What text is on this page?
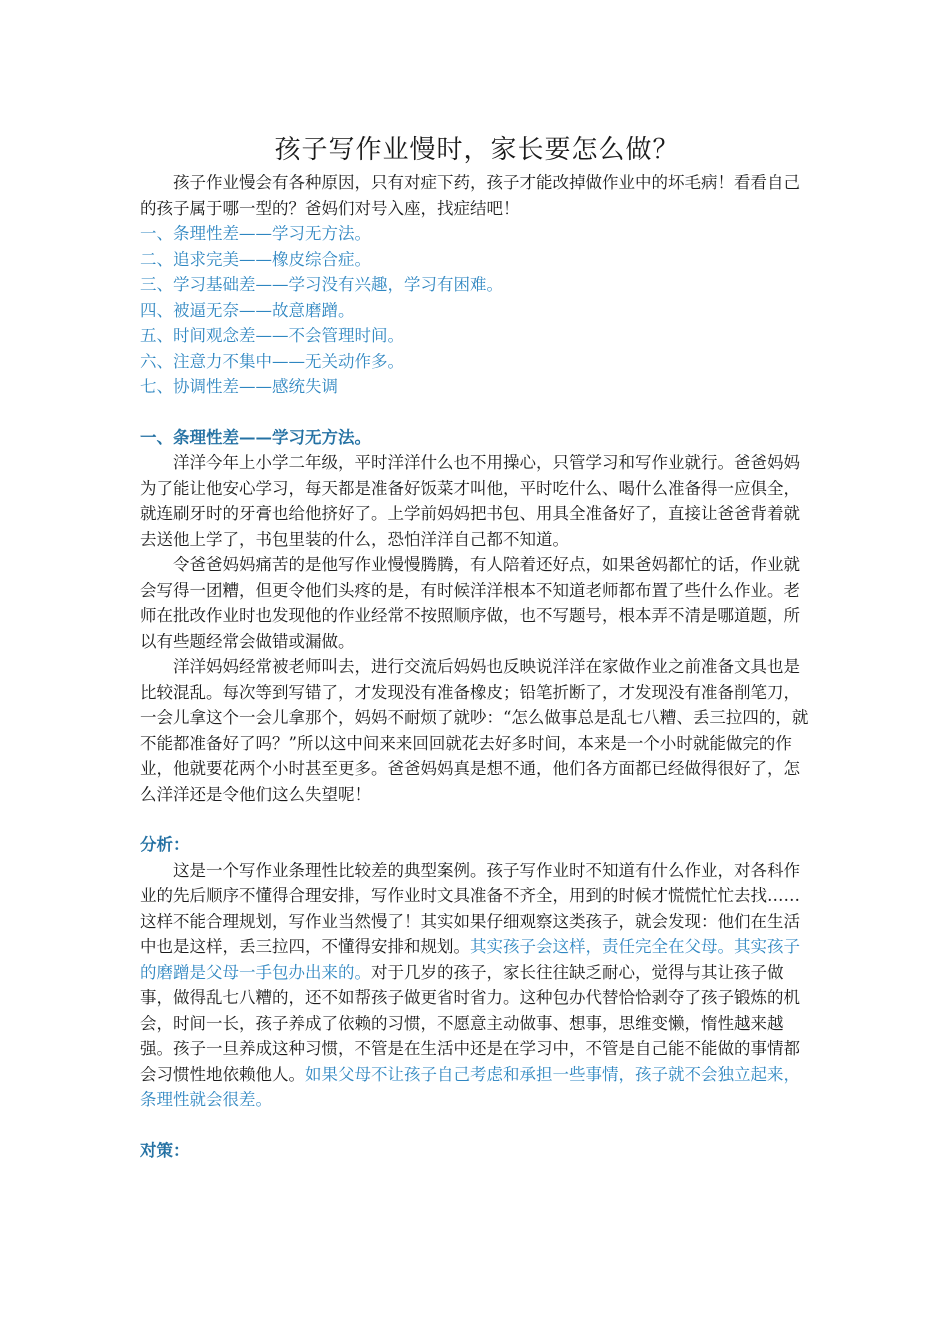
孩子写作业慢时，家长要怎么做？

孩子作业慢会有各种原因，只有对症下药，孩子才能改掉做作业中的坏毛病！看看自己的孩子属于哪一型的？爸妈们对号入座，找症结吧！

一、条理性差——学习无方法。

二、追求完美——橡皮综合症。

三、学习基础差——学习没有兴趣，学习有困难。

四、被逼无奈——故意磨蹭。

五、时间观念差——不会管理时间。

六、注意力不集中——无关动作多。

七、协调性差——感统失调

一、条理性差——学习无方法。

洋洋今年上小学二年级，平时洋洋什么也不用操心，只管学习和写作业就行。爸爸妈妈为了能让他安心学习，每天都是准备好饭菜才叫他，平时吃什么、喝什么准备得一应俱全，就连刷牙时的牙膏也给他挤好了。上学前妈妈把书包、用具全准备好了，直接让爸爸背着就去送他上学了，书包里装的什么，恐怕洋洋自己都不知道。

令爸爸妈妈痛苦的是他写作业慢慢腾腾，有人陪着还好点，如果爸妈都忙的话，作业就会写得一团糟，但更令他们头疼的是，有时候洋洋根本不知道老师都布置了些什么作业。老师在批改作业时也发现他的作业经常不按照顺序做，也不写题号，根本弄不清是哪道题，所以有些题经常会做错或漏做。

洋洋妈妈经常被老师叫去，进行交流后妈妈也反映说洋洋在家做作业之前准备文具也是比较混乱。每次等到写错了，才发现没有准备橡皮；铅笔折断了，才发现没有准备削笔刀，一会儿拿这个一会儿拿那个，妈妈不耐烦了就吵：“怎么做事总是乱七八糟、丢三拉四的，就不能都准备好了吗？”所以这中间来来回回就花去好多时间，本来是一个小时就能做完的作业，他就要花两个小时甚至更多。爸爸妈妈真是想不通，他们各方面都已经做得很好了，怎么洋洋还是令他们这么失望呢！

分析：

这是一个写作业条理性比较差的典型案例。孩子写作业时不知道有什么作业，对各科作业的先后顺序不懂得合理安排，写作业时文具准备不齐全，用到的时候才慌慌忙忙去找……这样不能合理规划，写作业当然慢了！其实如果仔细观察这类孩子，就会发现：他们在生活中也是这样，丢三拉四，不懂得安排和规划。其实孩子会这样，责任完全在父母。其实孩子的磨蹭是父母一手包办出来的。对于几岁的孩子，家长往往缺乏耐心，觉得与其让孩子做事，做得乱七八糟的，还不如帮孩子做更省时省力。这种包办代替恰恰剥夺了孩子锻炼的机会，时间一长，孩子养成了依赖的习惯，不愿意主动做事、想事，思维变懒，惰性越来越强。孩子一旦养成这种习惯，不管是在生活中还是在学习中，不管是自己能不能做的事情都会习惯性地依赖他人。如果父母不让孩子自己考虑和承担一些事情，孩子就不会独立起来，条理性就会很差。

对策：
